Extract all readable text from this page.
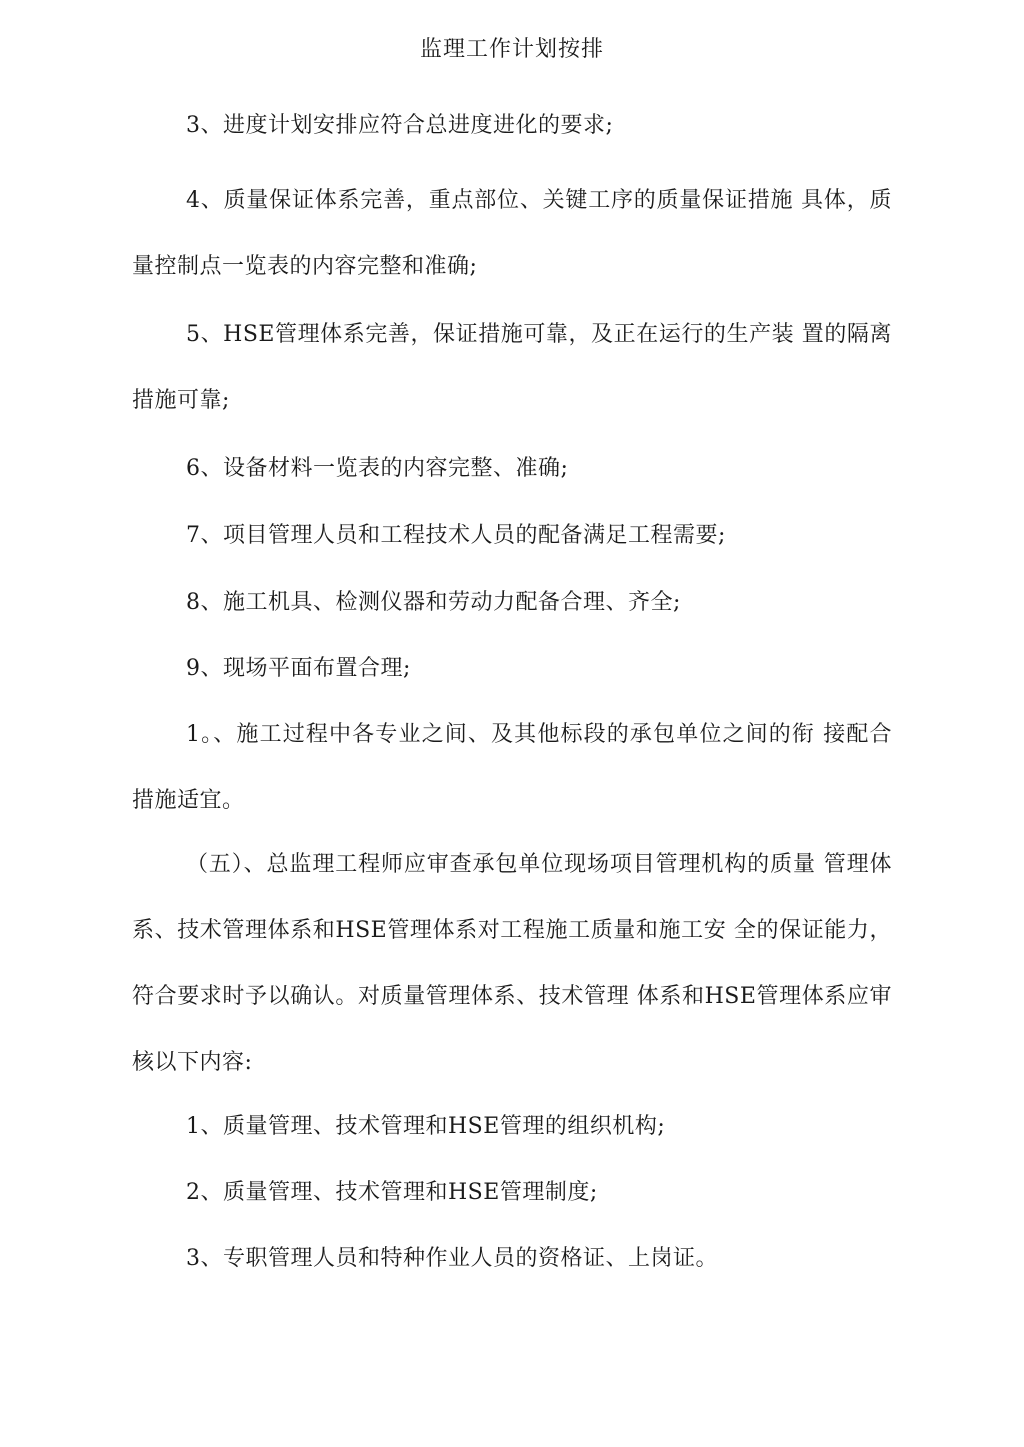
监理工作计划按排

3、进度计划安排应符合总进度进化的要求;

4、质量保证体系完善，重点部位、关键工序的质量保证措施 具体，质量控制点一览表的内容完整和准确;

5、HSE管理体系完善，保证措施可靠，及正在运行的生产装 置的隔离措施可靠;

6、设备材料一览表的内容完整、准确;

7、项目管理人员和工程技术人员的配备满足工程需要;

8、施工机具、检测仪器和劳动力配备合理、齐全;

9、现场平面布置合理;

1。、施工过程中各专业之间、及其他标段的承包单位之间的衔 接配合措施适宜。

（五）、总监理工程师应审查承包单位现场项目管理机构的质量 管理体系、技术管理体系和HSE管理体系对工程施工质量和施工安 全的保证能力，符合要求时予以确认。对质量管理体系、技术管理 体系和HSE管理体系应审核以下内容:

1、质量管理、技术管理和HSE管理的组织机构;

2、质量管理、技术管理和HSE管理制度;

3、专职管理人员和特种作业人员的资格证、上岗证。
